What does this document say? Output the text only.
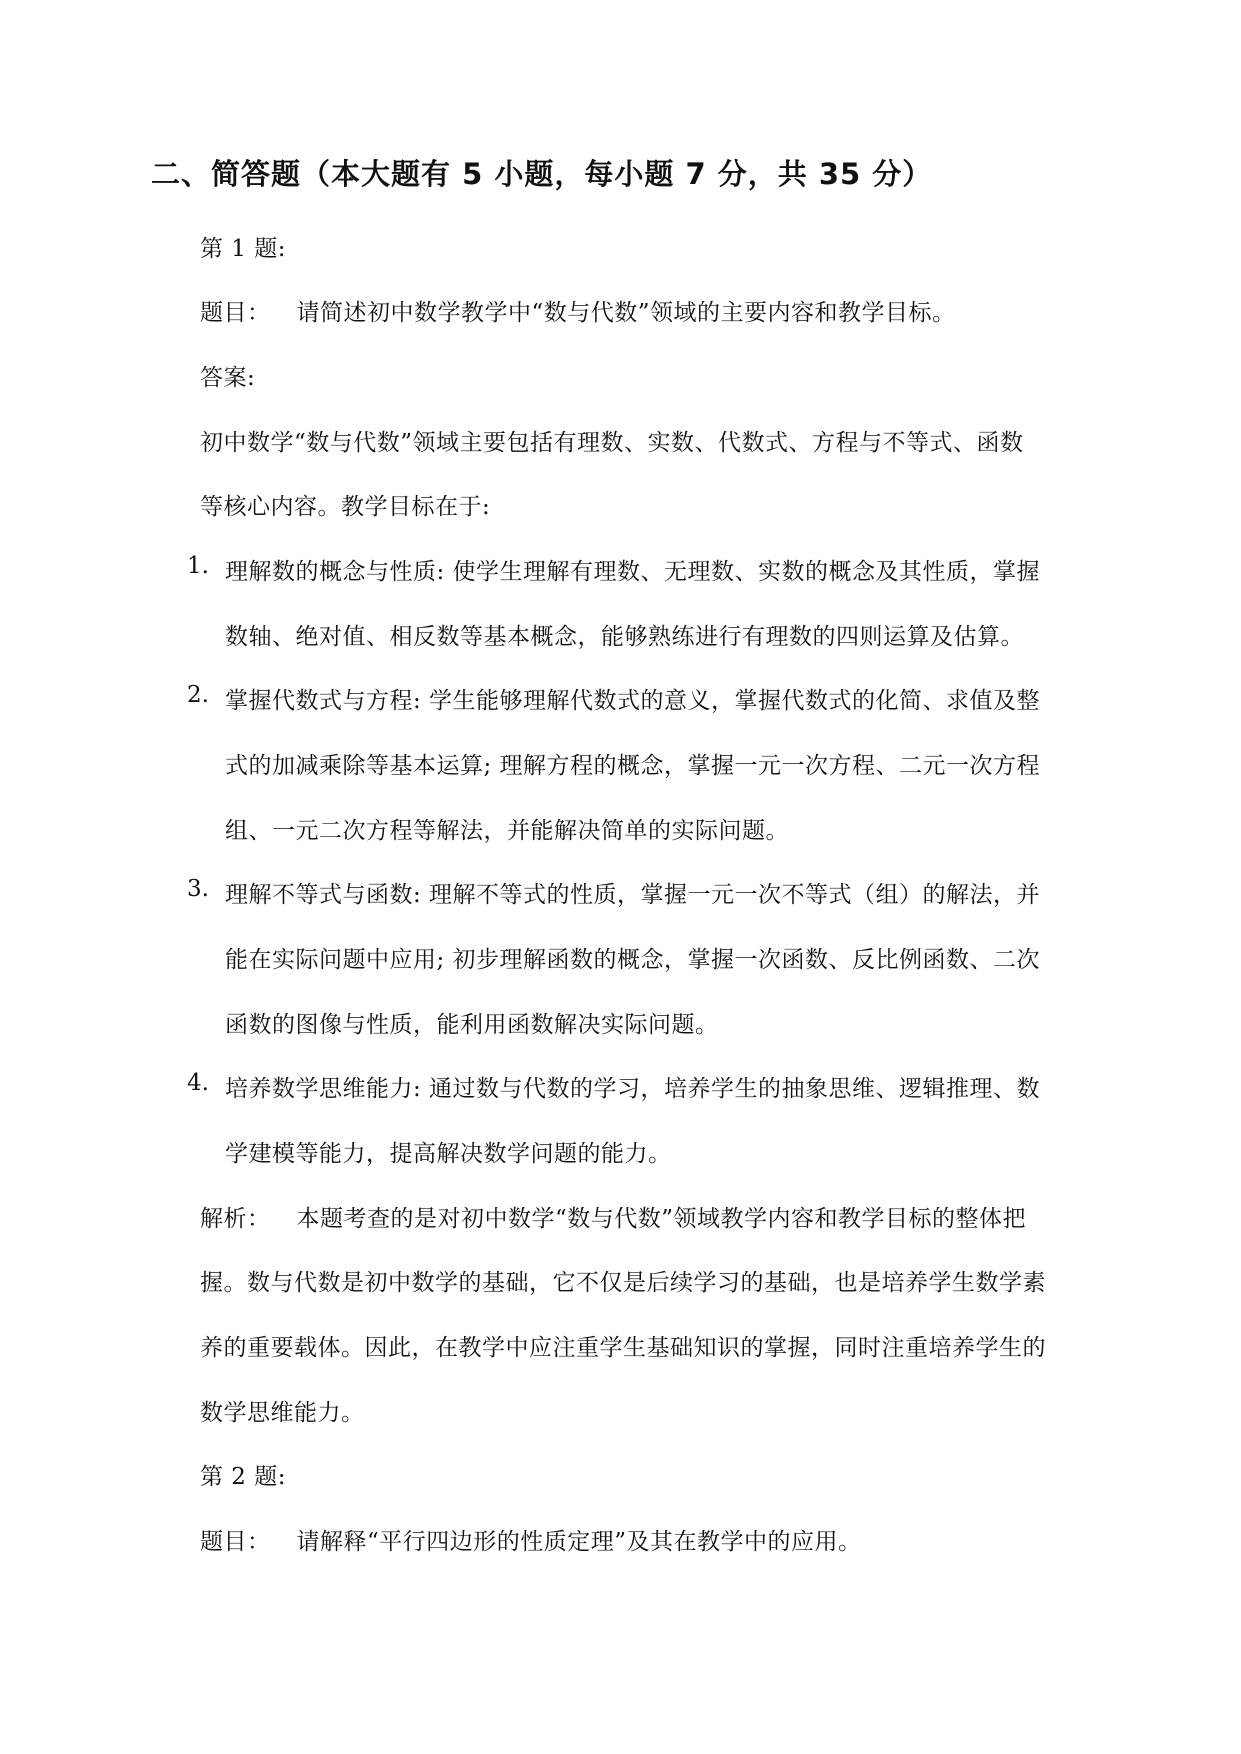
二、简答题（本大题有 5 小题，每小题 7 分，共 35 分）

第 1 题:

题目： 请简述初中数学教学中“数与代数”领域的主要内容和教学目标。

答案:

初中数学“数与代数”领域主要包括有理数、实数、代数式、方程与不等式、函数

等核心内容。教学目标在于:

1. 理解数的概念与性质: 使学生理解有理数、无理数、实数的概念及其性质，掌握
数轴、绝对值、相反数等基本概念，能够熟练进行有理数的四则运算及估算。
2. 掌握代数式与方程: 学生能够理解代数式的意义，掌握代数式的化简、求值及整
式的加减乘除等基本运算; 理解方程的概念，掌握一元一次方程、二元一次方程
组、一元二次方程等解法，并能解决简单的实际问题。
3. 理解不等式与函数: 理解不等式的性质，掌握一元一次不等式（组）的解法，并
能在实际问题中应用; 初步理解函数的概念，掌握一次函数、反比例函数、二次
函数的图像与性质，能利用函数解决实际问题。
4. 培养数学思维能力: 通过数与代数的学习，培养学生的抽象思维、逻辑推理、数
学建模等能力，提高解决数学问题的能力。

解析： 本题考查的是对初中数学“数与代数”领域教学内容和教学目标的整体把

握。数与代数是初中数学的基础，它不仅是后续学习的基础，也是培养学生数学素

养的重要载体。因此，在教学中应注重学生基础知识的掌握，同时注重培养学生的

数学思维能力。

第 2 题:

题目： 请解释“平行四边形的性质定理”及其在教学中的应用。
